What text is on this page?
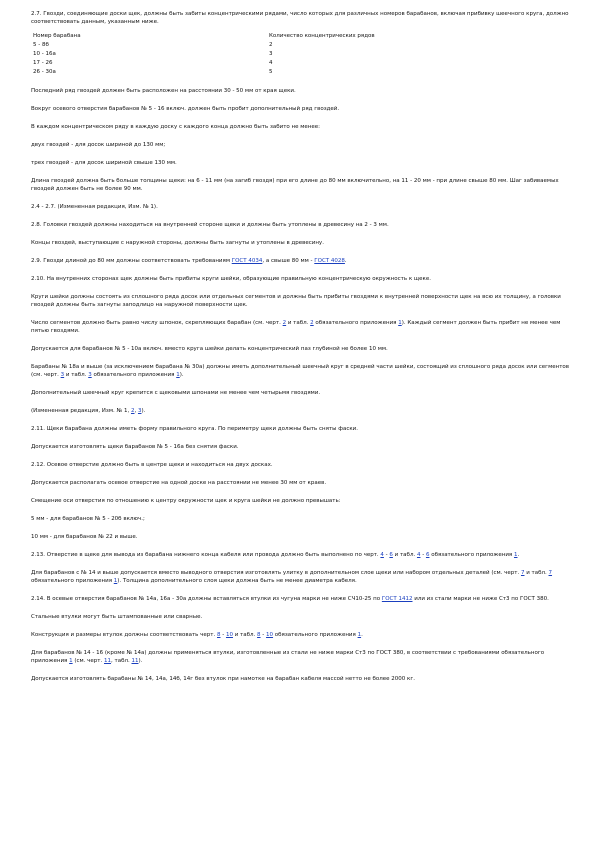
2.7. Гвозди, соединяющие доски щек, должны быть забиты концентрическими рядами, число которых для различных номеров барабанов, включая прибивку шеечного круга, должно соответствовать данным, указанным ниже.

Номер барабана	Количество концентрических рядов
5 - 8б	2
10 - 16а	3
17 - 26	4
26 - 30а	5

Последний ряд гвоздей должен быть расположен на расстоянии 30 - 50 мм от края щеки.

Вокруг осевого отверстия барабанов № 5 - 16 включ. должен быть пробит дополнительный ряд гвоздей.

В каждом концентрическом ряду в каждую доску с каждого конца должно быть забито не менее:

двух гвоздей - для досок шириной до 130 мм;

трех гвоздей - для досок шириной свыше 130 мм.

Длина гвоздей должна быть больше толщины щеки: на 6 - 11 мм (на загиб гвоздя) при его длине до 80 мм включительно, на 11 - 20 мм - при длине свыше 80 мм. Шаг забиваемых гвоздей должен быть не более 90 мм.

2.4 - 2.7. (Измененная редакция, Изм. № 1).

2.8. Головки гвоздей должны находиться на внутренней стороне щеки и должны быть утоплены в древесину на 2 - 3 мм.

Концы гвоздей, выступающие с наружной стороны, должны быть загнуты и утоплены в древесину.

2.9. Гвозди длиной до 80 мм должны соответствовать требованиям ГОСТ 4034, а свыше 80 мм - ГОСТ 4028.

2.10. На внутренних сторонах щек должны быть прибиты круги шейки, образующие правильную концентрическую окружность к щеке.

Круги шейки должны состоять из сплошного ряда досок или отдельных сегментов и должны быть прибиты гвоздями к внутренней поверхности щек на всю их толщину, а головки гвоздей должны быть загнуты заподлицо на наружной поверхности щек.

Число сегментов должно быть равно числу шпонок, скрепляющих барабан (см. черт. 2 и табл. 2 обязательного приложения 1). Каждый сегмент должен быть прибит не менее чем пятью гвоздями.

Допускается для барабанов № 5 - 10а включ. вместо круга шейки делать концентрический паз глубиной не более 10 мм.

Барабаны № 18а и выше (за исключением барабана № 30а) должны иметь дополнительный шеечный круг в средней части шейки, состоящий из сплошного ряда досок или сегментов (см. черт. 3 и табл. 3 обязательного приложения 1).

Дополнительный шеечный круг крепится с щековыми шпонами не менее чем четырьмя гвоздями.

(Измененная редакция, Изм. № 1, 2, 3).

2.11. Щеки барабана должны иметь форму правильного круга. По периметру щеки должны быть сняты фаски.

Допускается изготовлять щеки барабанов № 5 - 16а без снятия фаски.

2.12. Осевое отверстие должно быть в центре щеки и находиться на двух досках.

Допускается располагать осевое отверстие на одной доске на расстоянии не менее 30 мм от краев.

Смещение оси отверстия по отношению к центру окружности щек и круга шейки не должно превышать:

5 мм - для барабанов № 5 - 20б включ.;

10 мм - для барабанов № 22 и выше.

2.13. Отверстие в щеке для вывода из барабана нижнего конца кабеля или провода должно быть выполнено по черт. 4 - 6 и табл. 4 - 6 обязательного приложения 1.

Для барабанов с № 14 и выше допускается вместо выводного отверстия изготовлять улитку в дополнительном слое щеки или набором отдельных деталей (см. черт. 7 и табл. 7 обязательного приложения 1). Толщина дополнительного слоя щеки должна быть не менее диаметра кабеля.

2.14. В осевые отверстия барабанов № 14а, 16а - 30а должны вставляться втулки из чугуна марки не ниже СЧ10-25 по ГОСТ 1412 или из стали марки не ниже Ст3 по ГОСТ 380.

Стальные втулки могут быть штампованные или сварные.

Конструкция и размеры втулок должны соответствовать черт. 8 - 10 и табл. 8 - 10 обязательного приложения 1.

Для барабанов № 14 - 16 (кроме № 14а) должны применяться втулки, изготовленные из стали не ниже марки Ст3 по ГОСТ 380, в соответствии с требованиями обязательного приложения 1 (см. черт. 11, табл. 11).

Допускается изготовлять барабаны № 14, 14а, 14б, 14г без втулок при намотке на барабан кабеля массой нетто не более 2000 кг.
